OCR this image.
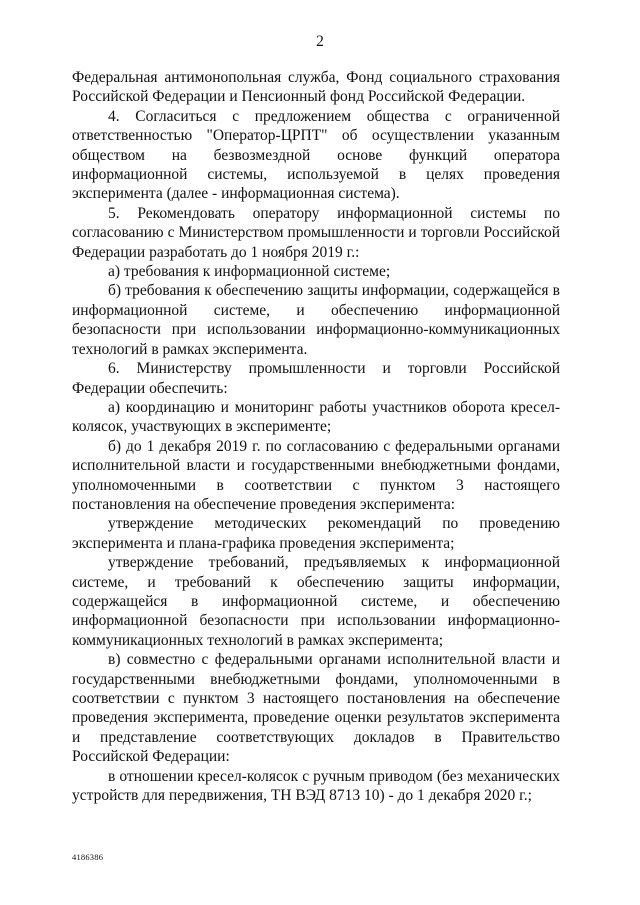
2

Федеральная антимонопольная служба, Фонд социального страхования Российской Федерации и Пенсионный фонд Российской Федерации.

4. Согласиться с предложением общества с ограниченной ответственностью "Оператор-ЦРПТ" об осуществлении указанным обществом на безвозмездной основе функций оператора информационной системы, используемой в целях проведения эксперимента (далее - информационная система).

5. Рекомендовать оператору информационной системы по согласованию с Министерством промышленности и торговли Российской Федерации разработать до 1 ноября 2019 г.:

а) требования к информационной системе;

б) требования к обеспечению защиты информации, содержащейся в информационной системе, и обеспечению информационной безопасности при использовании информационно-коммуникационных технологий в рамках эксперимента.

6. Министерству промышленности и торговли Российской Федерации обеспечить:

а) координацию и мониторинг работы участников оборота кресел-колясок, участвующих в эксперименте;

б) до 1 декабря 2019 г. по согласованию с федеральными органами исполнительной власти и государственными внебюджетными фондами, уполномоченными в соответствии с пунктом 3 настоящего постановления на обеспечение проведения эксперимента:

утверждение методических рекомендаций по проведению эксперимента и плана-графика проведения эксперимента;

утверждение требований, предъявляемых к информационной системе, и требований к обеспечению защиты информации, содержащейся в информационной системе, и обеспечению информационной безопасности при использовании информационно-коммуникационных технологий в рамках эксперимента;

в) совместно с федеральными органами исполнительной власти и государственными внебюджетными фондами, уполномоченными в соответствии с пунктом 3 настоящего постановления на обеспечение проведения эксперимента, проведение оценки результатов эксперимента и представление соответствующих докладов в Правительство Российской Федерации:

в отношении кресел-колясок с ручным приводом (без механических устройств для передвижения, ТН ВЭД 8713 10) - до 1 декабря 2020 г.;

4186386
